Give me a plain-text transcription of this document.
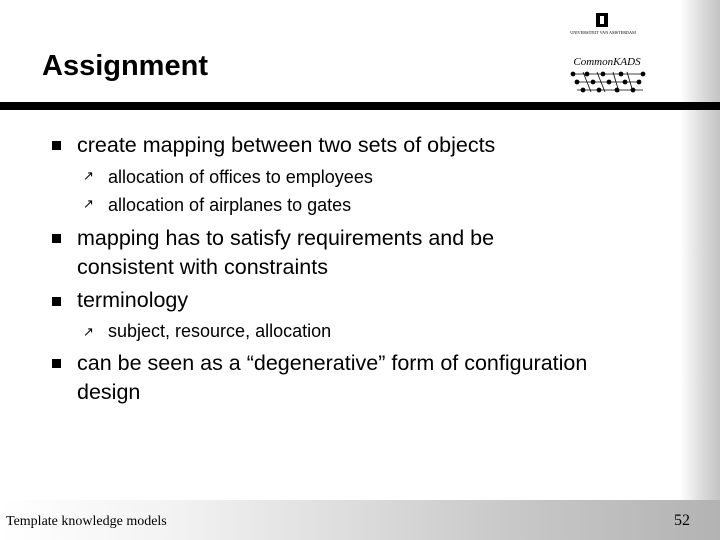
Assignment
UNIVERSITEIT VAN AMSTERDAM
CommonKADS
create mapping between two sets of objects
↗ allocation of offices to employees
↗ allocation of airplanes to gates
mapping has to satisfy requirements and be
consistent with constraints
terminology
↗ subject, resource, allocation
can be seen as a “degenerative” form of configuration
design
Template knowledge models	52
